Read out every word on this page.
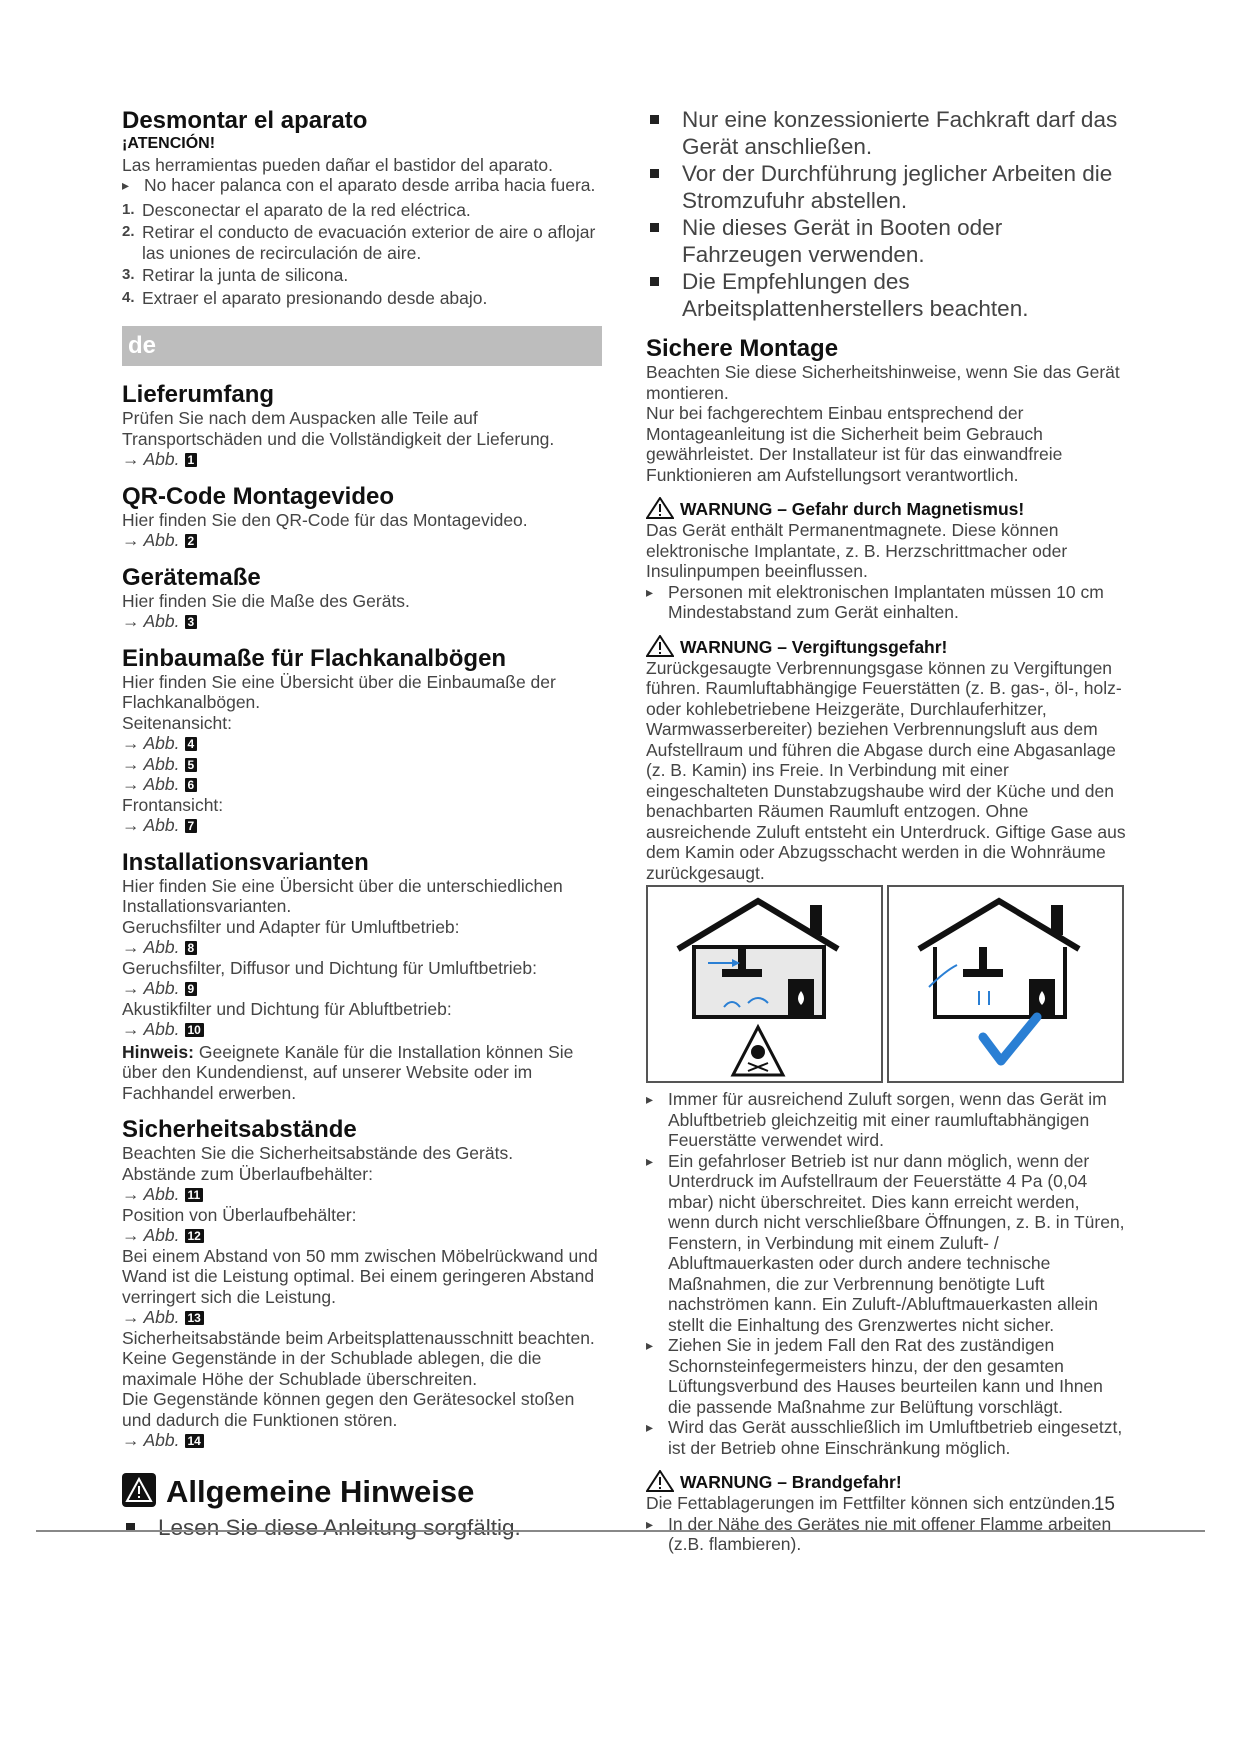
Desmontar el aparato
¡ATENCIÓN!

Las herramientas pueden dañar el bastidor del aparato.

▸ No hacer palanca con el aparato desde arriba hacia fuera.

1. Desconectar el aparato de la red eléctrica.

2. Retirar el conducto de evacuación exterior de aire o aflojar las uniones de recirculación de aire.

3. Retirar la junta de silicona.

4. Extraer el aparato presionando desde abajo.

de
Lieferumfang

Prüfen Sie nach dem Auspacken alle Teile auf Transportschäden und die Vollständigkeit der Lieferung.

→ Abb. 1

QR-Code Montagevideo

Hier finden Sie den QR-Code für das Montagevideo.

→ Abb. 2

Gerätemaße

Hier finden Sie die Maße des Geräts.

→ Abb. 3

Einbaumaße für Flachkanalbögen

Hier finden Sie eine Übersicht über die Einbaumaße der Flachkanalbögen.

Seitenansicht:

→ Abb. 4

→ Abb. 5

→ Abb. 6

Frontansicht:

→ Abb. 7

Installationsvarianten

Hier finden Sie eine Übersicht über die unterschiedlichen Installationsvarianten.

Geruchsfilter und Adapter für Umluftbetrieb:

→ Abb. 8

Geruchsfilter, Diffusor und Dichtung für Umluftbetrieb:

→ Abb. 9

Akustikfilter und Dichtung für Abluftbetrieb:

→ Abb. 10

Hinweis: Geeignete Kanäle für die Installation können Sie über den Kundendienst, auf unserer Website oder im Fachhandel erwerben.

Sicherheitsabstände

Beachten Sie die Sicherheitsabstände des Geräts.

Abstände zum Überlaufbehälter:

→ Abb. 11

Position von Überlaufbehälter:

→ Abb. 12

Bei einem Abstand von 50 mm zwischen Möbelrückwand und Wand ist die Leistung optimal. Bei einem geringeren Abstand verringert sich die Leistung.

→ Abb. 13

Sicherheitsabstände beim Arbeitsplattenausschnitt beachten.

Keine Gegenstände in der Schublade ablegen, die die maximale Höhe der Schublade überschreiten.

Die Gegenstände können gegen den Gerätesockel stoßen und dadurch die Funktionen stören.

→ Abb. 14

Allgemeine Hinweise

Lesen Sie diese Anleitung sorgfältig.

Nur eine konzessionierte Fachkraft darf das Gerät anschließen.

Vor der Durchführung jeglicher Arbeiten die Stromzufuhr abstellen.

Nie dieses Gerät in Booten oder Fahrzeugen verwenden.

Die Empfehlungen des Arbeitsplattenherstellers beachten.

Sichere Montage

Beachten Sie diese Sicherheitshinweise, wenn Sie das Gerät montieren.

Nur bei fachgerechtem Einbau entsprechend der Montageanleitung ist die Sicherheit beim Gebrauch gewährleistet. Der Installateur ist für das einwandfreie Funktionieren am Aufstellungsort verantwortlich.

WARNUNG – Gefahr durch Magnetismus!

Das Gerät enthält Permanentmagnete. Diese können elektronische Implantate, z. B. Herzschrittmacher oder Insulinpumpen beeinflussen.

▸ Personen mit elektronischen Implantaten müssen 10 cm Mindestabstand zum Gerät einhalten.

WARNUNG – Vergiftungsgefahr!

Zurückgesaugte Verbrennungsgase können zu Vergiftungen führen. Raumluftabhängige Feuerstätten (z. B. gas-, öl-, holz- oder kohlebetriebene Heizgeräte, Durchlauferhitzer, Warmwasserbereiter) beziehen Verbrennungsluft aus dem Aufstellraum und führen die Abgase durch eine Abgasanlage (z. B. Kamin) ins Freie. In Verbindung mit einer eingeschalteten Dunstabzugshaube wird der Küche und den benachbarten Räumen Raumluft entzogen. Ohne ausreichende Zuluft entsteht ein Unterdruck. Giftige Gase aus dem Kamin oder Abzugsschacht werden in die Wohnräume zurückgesaugt.

▸ Immer für ausreichend Zuluft sorgen, wenn das Gerät im Abluftbetrieb gleichzeitig mit einer raumluftabhängigen Feuerstätte verwendet wird.

▸ Ein gefahrloser Betrieb ist nur dann möglich, wenn der Unterdruck im Aufstellraum der Feuerstätte 4 Pa (0,04 mbar) nicht überschreitet. Dies kann erreicht werden, wenn durch nicht verschließbare Öffnungen, z. B. in Türen, Fenstern, in Verbindung mit einem Zuluft- / Abluftmauerkasten oder durch andere technische Maßnahmen, die zur Verbrennung benötigte Luft nachströmen kann. Ein Zuluft-/Abluftmauerkasten allein stellt die Einhaltung des Grenzwertes nicht sicher.

▸ Ziehen Sie in jedem Fall den Rat des zuständigen Schornsteinfegermeisters hinzu, der den gesamten Lüftungsverbund des Hauses beurteilen kann und Ihnen die passende Maßnahme zur Belüftung vorschlägt.

▸ Wird das Gerät ausschließlich im Umluftbetrieb eingesetzt, ist der Betrieb ohne Einschränkung möglich.

WARNUNG – Brandgefahr!

Die Fettablagerungen im Fettfilter können sich entzünden.

▸ In der Nähe des Gerätes nie mit offener Flamme arbeiten (z.B. flambieren).

15
